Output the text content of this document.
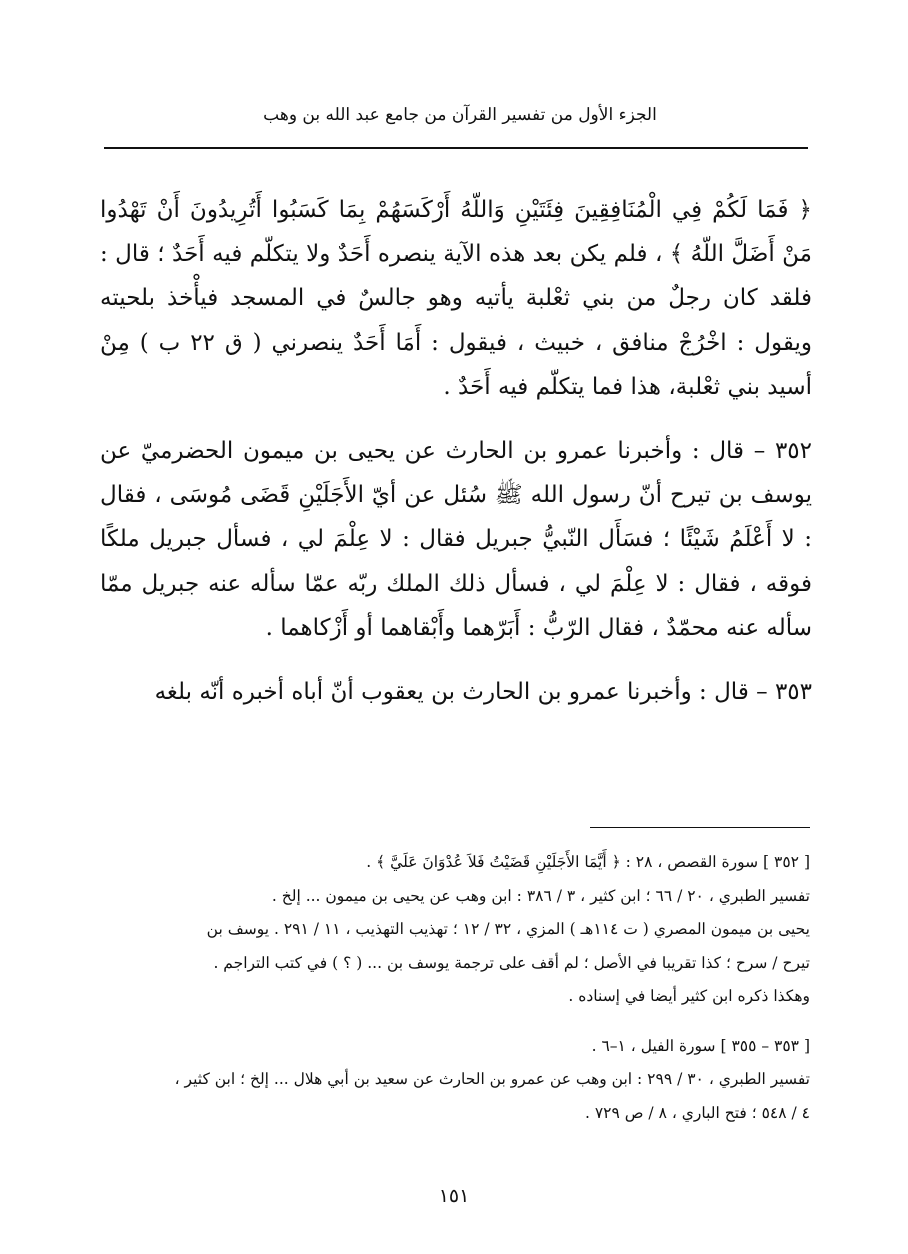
الجزء الأول من تفسير القرآن من جامع عبد الله بن وهب

﴿ فَمَا لَكُمْ فِي الْمُنَافِقِينَ فِئَتَيْنِ وَاللّهُ أَرْكَسَهُمْ بِمَا كَسَبُوا أَتُرِيدُونَ أَنْ تَهْدُوا مَنْ أَضَلَّ اللّهُ ﴾ ، فلم يكن بعد هذه الآية ينصره أَحَدٌ ولا يتكلّم فيه أَحَدٌ ؛ قال : فلقد كان رجلٌ من بني ثعْلبة يأتيه وهو جالسٌ في المسجد فيأْخذ بلحيته ويقول : اخْرُجْ منافق ، خبيث ، فيقول : أَمَا أَحَدٌ ينصرني ( ق ٢٢ ب ) مِنْ أسيد بني ثعْلبة، هذا فما يتكلّم فيه أَحَدٌ .

٣٥٢ – قال : وأخبرنا عمرو بن الحارث عن يحيى بن ميمون الحضرميّ عن يوسف بن تيرح أنّ رسول الله ﷺ سُئل عن أيّ الأَجَلَيْنِ قَضَى مُوسَى ، فقال : لا أَعْلَمُ شَيْئًا ؛ فسَأَل النّبيُّ جبريل فقال : لا عِلْمَ لي ، فسأل جبريل ملكًا فوقه ، فقال : لا عِلْمَ لي ، فسأل ذلك الملك ربّه عمّا سأله عنه جبريل ممّا سأله عنه محمّدٌ ، فقال الرّبُّ : أَبَرّهما وأَبْقاهما أو أَزْكاهما .

٣٥٣ – قال : وأخبرنا عمرو بن الحارث بن يعقوب أنّ أباه أخبره أنّه بلغه

[ ٣٥٢ ] سورة القصص ، ٢٨ : ﴿ أَيَّمَا الأَجَلَيْنِ قَضَيْتُ فَلاَ عُدْوَانَ عَلَيَّ ﴾ .
تفسير الطبري ، ٢٠ / ٦٦ ؛ ابن كثير ، ٣ / ٣٨٦ : ابن وهب عن يحيى بن ميمون ... إلخ .
يحيى بن ميمون المصري ( ت ١١٤هـ ) المزي ، ٣٢ / ١٢ ؛ تهذيب التهذيب ، ١١ / ٢٩١ . يوسف بن
تيرح / سرح ؛ كذا تقريبا في الأصل ؛ لم أقف على ترجمة يوسف بن ... ( ؟ ) في كتب التراجم .
وهكذا ذكره ابن كثير أيضا في إسناده .

[ ٣٥٣ – ٣٥٥ ] سورة الفيل ، ١–٦ .
تفسير الطبري ، ٣٠ / ٢٩٩ : ابن وهب عن عمرو بن الحارث عن سعيد بن أبي هلال ... إلخ ؛ ابن كثير ،
٤ / ٥٤٨ ؛ فتح الباري ، ٨ / ص ٧٢٩ .

١٥١
